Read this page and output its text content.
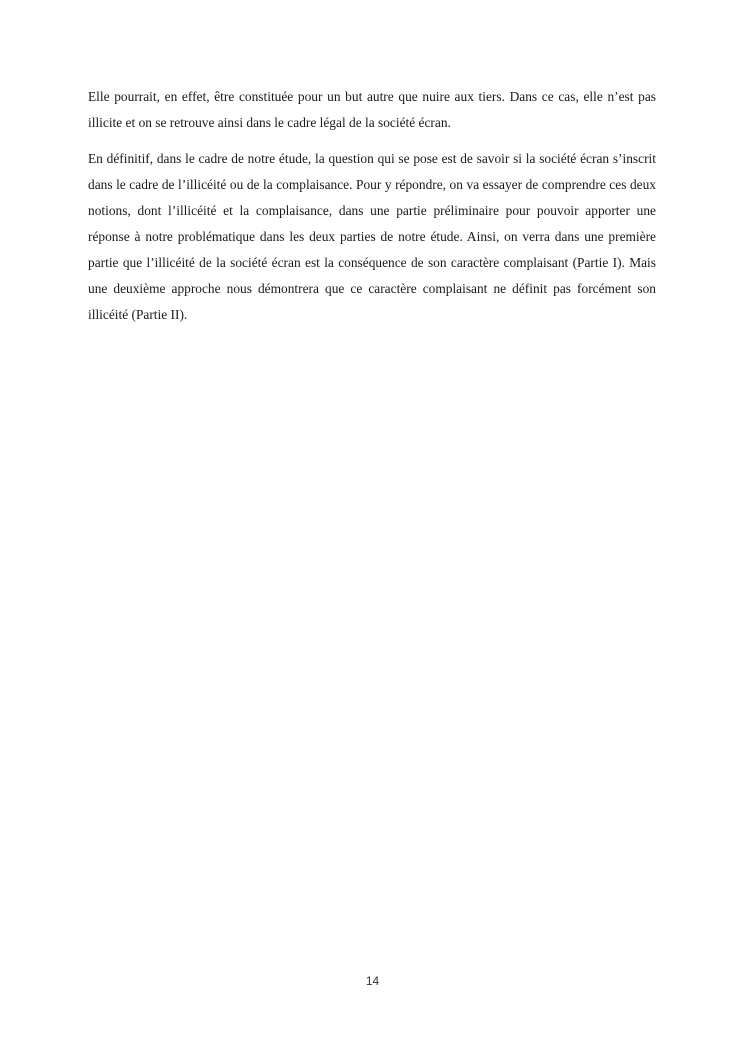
Elle pourrait, en effet, être constituée pour un but autre que nuire aux tiers. Dans ce cas, elle n’est pas illicite et on se retrouve ainsi dans le cadre légal de la société écran.

En définitif, dans le cadre de notre étude, la question qui se pose est de savoir si la société écran s’inscrit dans le cadre de l’illicéité ou de la complaisance. Pour y répondre, on va essayer de comprendre ces deux notions, dont l’illicéité et la complaisance, dans une partie préliminaire pour pouvoir apporter une réponse à notre problématique dans les deux parties de notre étude. Ainsi, on verra dans une première partie que l’illicéité de la société écran est la conséquence de son caractère complaisant (Partie I). Mais une deuxième approche nous démontrera que ce caractère complaisant ne définit pas forcément son illicéité (Partie II).

14
